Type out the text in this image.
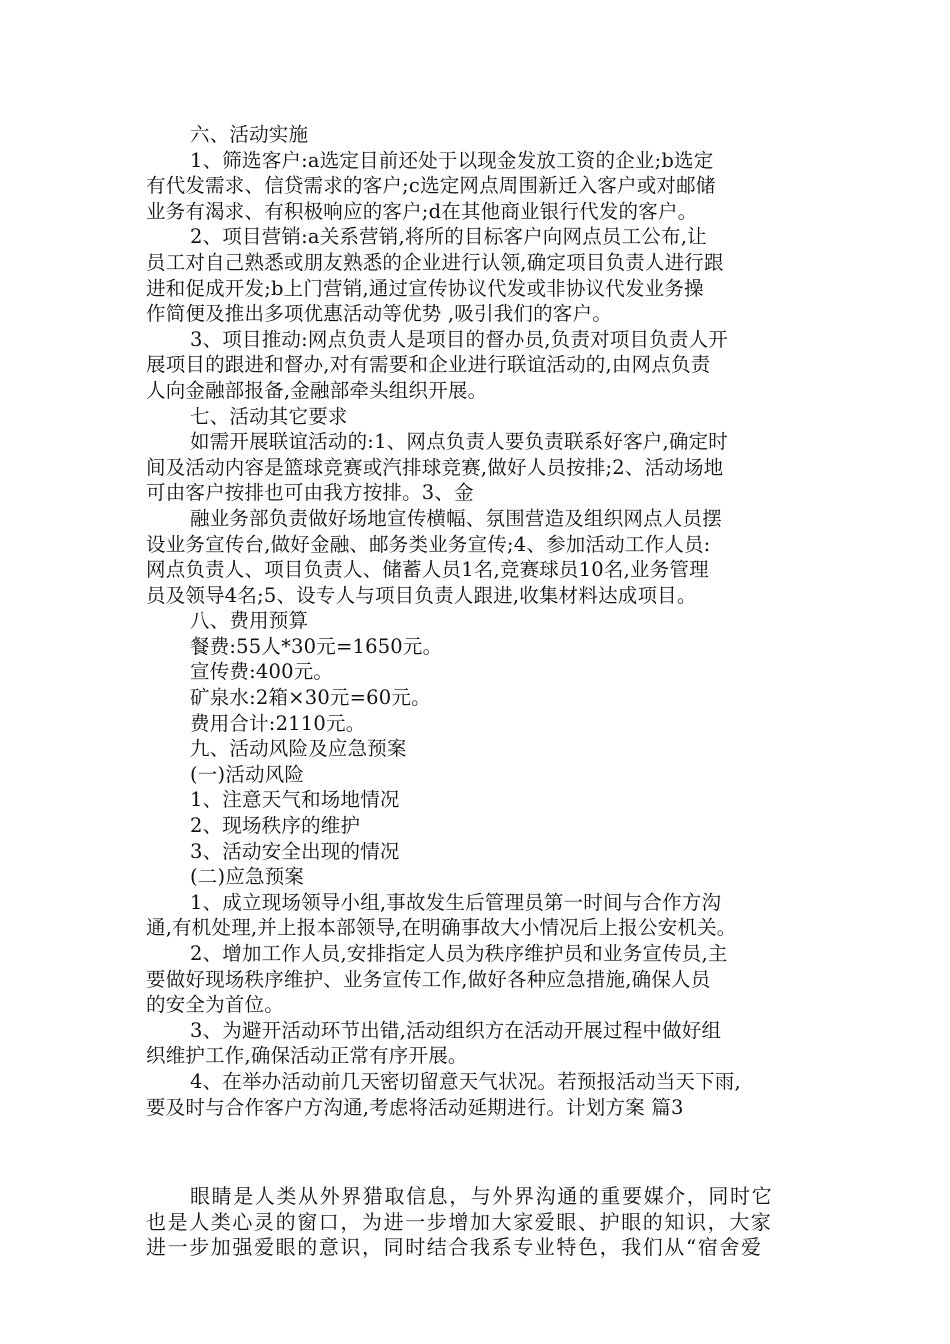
六、活动实施
1、筛选客户:a选定目前还处于以现金发放工资的企业;b选定
有代发需求、信贷需求的客户;c选定网点周围新迁入客户或对邮储
业务有渴求、有积极响应的客户;d在其他商业银行代发的客户。
2、项目营销:a关系营销,将所的目标客户向网点员工公布,让
员工对自己熟悉或朋友熟悉的企业进行认领,确定项目负责人进行跟
进和促成开发;b上门营销,通过宣传协议代发或非协议代发业务操
作简便及推出多项优惠活动等优势 ,吸引我们的客户。
3、项目推动:网点负责人是项目的督办员,负责对项目负责人开
展项目的跟进和督办,对有需要和企业进行联谊活动的,由网点负责
人向金融部报备,金融部牵头组织开展。
七、活动其它要求
如需开展联谊活动的:1、网点负责人要负责联系好客户,确定时
间及活动内容是篮球竞赛或汽排球竞赛,做好人员按排;2、活动场地
可由客户按排也可由我方按排。3、金
融业务部负责做好场地宣传横幅、氛围营造及组织网点人员摆
设业务宣传台,做好金融、邮务类业务宣传;4、参加活动工作人员:
网点负责人、项目负责人、储蓄人员1名,竞赛球员10名,业务管理
员及领导4名;5、设专人与项目负责人跟进,收集材料达成项目。
八、费用预算
餐费:55人*30元=1650元。
宣传费:400元。
矿泉水:2箱×30元=60元。
费用合计:2110元。
九、活动风险及应急预案
(一)活动风险
1、注意天气和场地情况
2、现场秩序的维护
3、活动安全出现的情况
(二)应急预案
1、成立现场领导小组,事故发生后管理员第一时间与合作方沟
通,有机处理,并上报本部领导,在明确事故大小情况后上报公安机关。
2、增加工作人员,安排指定人员为秩序维护员和业务宣传员,主
要做好现场秩序维护、业务宣传工作,做好各种应急措施,确保人员
的安全为首位。
3、为避开活动环节出错,活动组织方在活动开展过程中做好组
织维护工作,确保活动正常有序开展。
4、在举办活动前几天密切留意天气状况。若预报活动当天下雨,
要及时与合作客户方沟通,考虑将活动延期进行。计划方案 篇3
眼睛是人类从外界猎取信息，与外界沟通的重要媒介，同时它
也是人类心灵的窗口，为进一步增加大家爱眼、护眼的知识，大家
进一步加强爱眼的意识，同时结合我系专业特色，我们从“宿舍爱
